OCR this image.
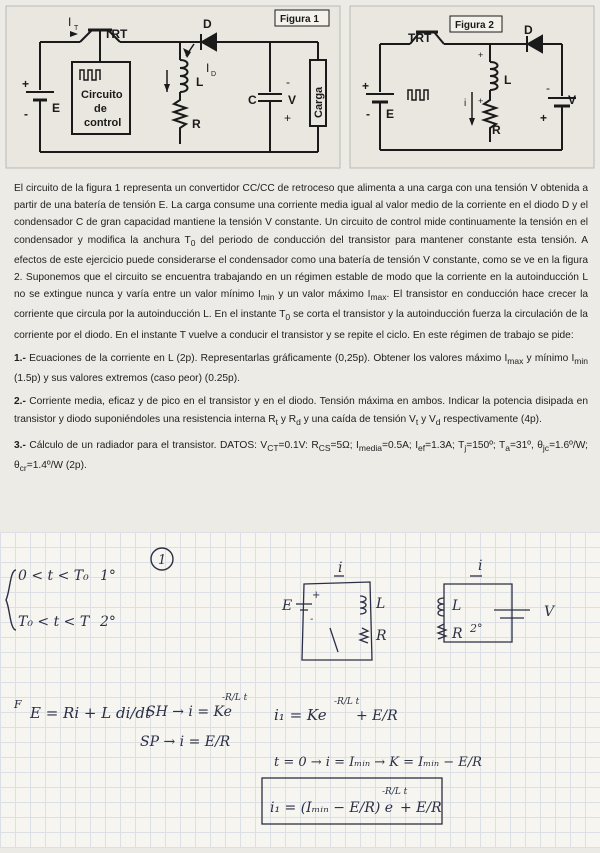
Figura 1
I T TRT
D
I D
L
E
+
-
R
C	V
-
+ Carga
Circuito
de
control
Figura 2
TRT
D
L
E
V
R
i
+
-
+
+
-
+

El circuito de la figura 1 representa un convertidor CC/CC de retroceso que alimenta a una carga con una tensión V obtenida a partir de una batería de tensión E. La carga consume una corriente media igual al valor medio de la corriente en el diodo D y el condensador C de gran capacidad mantiene la tensión V constante. Un circuito de control mide continuamente la tensión en el condensador y modifica la anchura $T_0$ del periodo de conducción del transistor para mantener constante esta tensión. A efectos de este ejercicio puede considerarse el condensador como una batería de tensión V constante, como se ve en la figura 2. Suponemos que el circuito se encuentra trabajando en un régimen estable de modo que la corriente en la autoinducción L no se extingue nunca y varía entre un valor mínimo $I_{min}$ y un valor máximo $I_{max}$. El transistor en conducción hace crecer la corriente que circula por la autoinducción L. En el instante $T_0$ se corta el transistor y la autoinducción fuerza la circulación de la corriente por el diodo. En el instante T vuelve a conducir el transistor y se repite el ciclo. En este régimen de trabajo se pide:

1.- Ecuaciones de la corriente en L (2p). Representarlas gráficamente (0,25p). Obtener los valores máximo $I_{max}$ y mínimo $I_{min}$ (1.5p) y sus valores extremos (caso peor) (0.25p).

2.- Corriente media, eficaz y de pico en el transistor y en el diodo. Tensión máxima en ambos. Indicar la potencia disipada en transistor y diodo suponiéndoles una resistencia interna $R_t$ y $R_d$ y una caída de tensión $V_t$ y $V_d$ respectivamente (4p).

3.- Cálculo de un radiador para el transistor. DATOS: $V_{CT}=0.1V$: $R_{CS}=5\Omega$; $I_{media}=0.5A$; $I_{ef}=1.3A$; $T_j=150º$; $T_a=31º$, $\theta_{jc}=1.6º/W$; $\theta_{cr}=1.4º/W$ (2p).

1
0 < t < T₀ 1°
T₀ < t < T 2°
E
+
-
L
R
i
L
R
V
i
2°
F E = Ri + L di/dt
SH → i = Ke
-R/L t
SP → i = E/R
i₁ = Ke
-R/L t
+ E/R
t = 0 → i = Iₘᵢₙ → K = Iₘᵢₙ − E/R
i₁ = (Iₘᵢₙ − E/R) e
-R/L t
+ E/R
